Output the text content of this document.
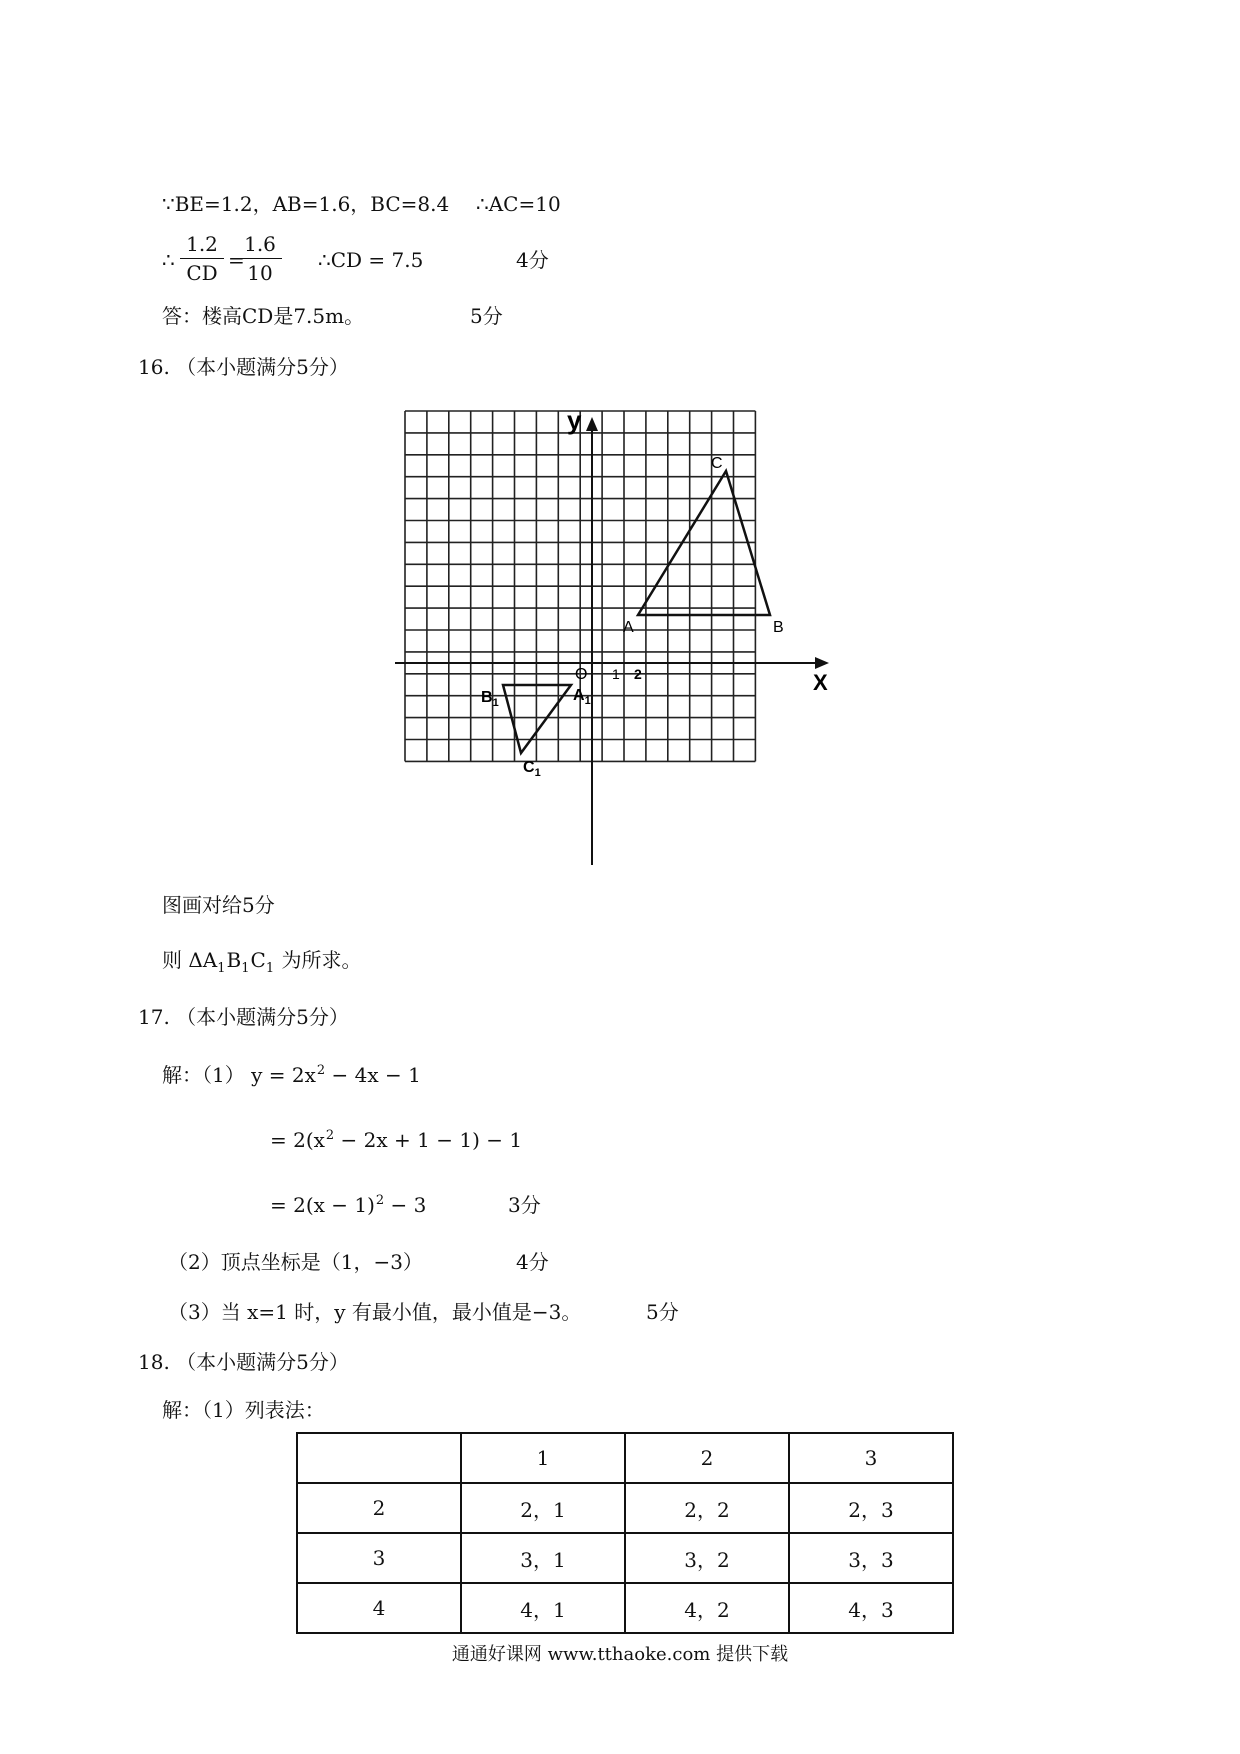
∵BE=1.2，AB=1.6，BC=8.4 ∴AC=10
∴
1.2
CD
=
1.6
10
∴CD = 7.5	4分
答：楼高CD是7.5m。	5分
16. （本小题满分5分）
y
X
O 1 2
A	B
C
$B_1$	$A_1$
$C_1$
图画对给5分
则 $\Delta A_1B_1C_1$ 为所求。
17. （本小题满分5分）
解：（1） $y = 2x^2 - 4x - 1$
= $2(x^2 - 2x + 1 - 1) - 1$
= $2(x - 1)^2 - 3$	3分
（2）顶点坐标是（1，−3）	4分
（3）当 x=1 时，y 有最小值，最小值是−3。	5分
18. （本小题满分5分）
解：（1）列表法：
	1	2	3
2	2，1	2，2	2，3
3	3，1	3，2	3，3
4	4，1	4，2	4，3
通通好课网 www.tthaoke.com 提供下载
